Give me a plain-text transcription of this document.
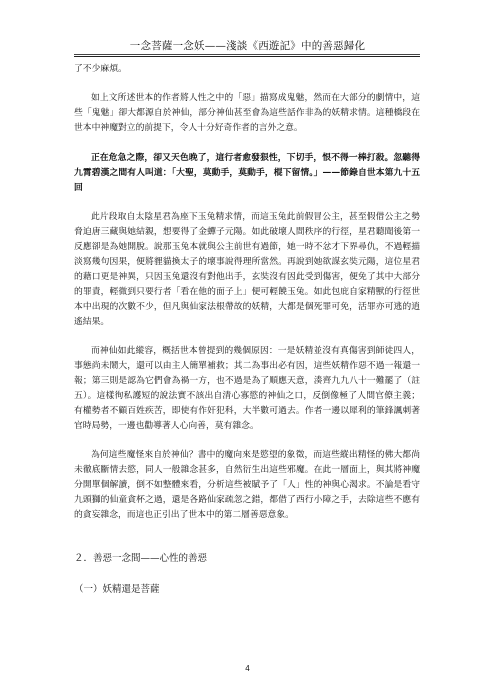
一念菩薩一念妖——淺談《西遊記》中的善惡歸化

了不少麻煩。

如上文所述世本的作者將人性之中的「惡」描寫成鬼魅，然而在大部分的劇情中，這些「鬼魅」卻大都源自於神仙，部分神仙甚至會為這些話作非為的妖精求情。這種橋段在世本中神魔對立的前提下，令人十分好奇作者的言外之意。

正在危急之際，卻又天色晚了，這行者愈發狠性，下切手，恨不得一棒打殺。忽聽得九霄碧漢之間有人叫道：「大聖，莫動手，莫動手，棍下留情。」——節錄自世本第九十五回

此片段取自太陰星君為座下玉兔精求情，而這玉兔此前假冒公主，甚至假借公主之勢脅迫唐三藏與她結親，想要得了金蟬子元陽。如此破壞人間秩序的行徑，星君聽聞後第一反應卻是為她開脫。說那玉兔本就與公主前世有過節，她一時不忿才下界尋仇，不過輕描淡寫幾句因果，便將貍貓換太子的壞事說得理所當然。再說到她欲謀玄奘元陽，這位星君的藉口更是神異，只因玉兔還沒有對他出手，玄奘沒有因此受到傷害，便免了其中大部分的罪責，輕微到只要行者「看在他的面子上」便可輕饒玉兔。如此包庇自家精獸的行徑世本中出現的次數不少，但凡與仙家法根帶故的妖精，大都是個死罪可免，活罪亦可逃的逍遙結果。

而神仙如此縱容，概括世本曾提到的幾個原因：一是妖精並沒有真傷害到師徒四人，事態尚未鬧大，還可以由主人簡單補救；其二為事出必有因，這些妖精作惡不過一報還一報；第三則是認為它們會為禍一方，也不過是為了順應天意，湊齊九九八十一難罷了（註五）。這樣徇私護短的說法實不該出自清心寡慾的神仙之口，反倒像極了人間官僚主義；有權勢者不顧百姓疾苦，即使有作奸犯科，大半數可過去。作者一邊以犀利的筆鋒諷刺著官時局勢，一邊也勸導著人心向善，莫有雜念。

為何這些魔怪來自於神仙？書中的魔向來是慾望的象徵，而這些縱出精怪的佛大都尚未徹底斷情去慾，同人一般雜念甚多，自然衍生出這些邪魔。在此一層面上，與其將神魔分開單個解讀，倒不如整體來看，分析這些被賦予了「人」性的神與心渴求。不論是看守九頭獅的仙童貪杯之過，還是各路仙家疏忽之錯，都借了西行小障之手，去除這些不應有的貪妄雜念，而這也正引出了世本中的第二層善惡意象。

２．善惡一念間——心性的善惡

（一）妖精還是菩薩

4
